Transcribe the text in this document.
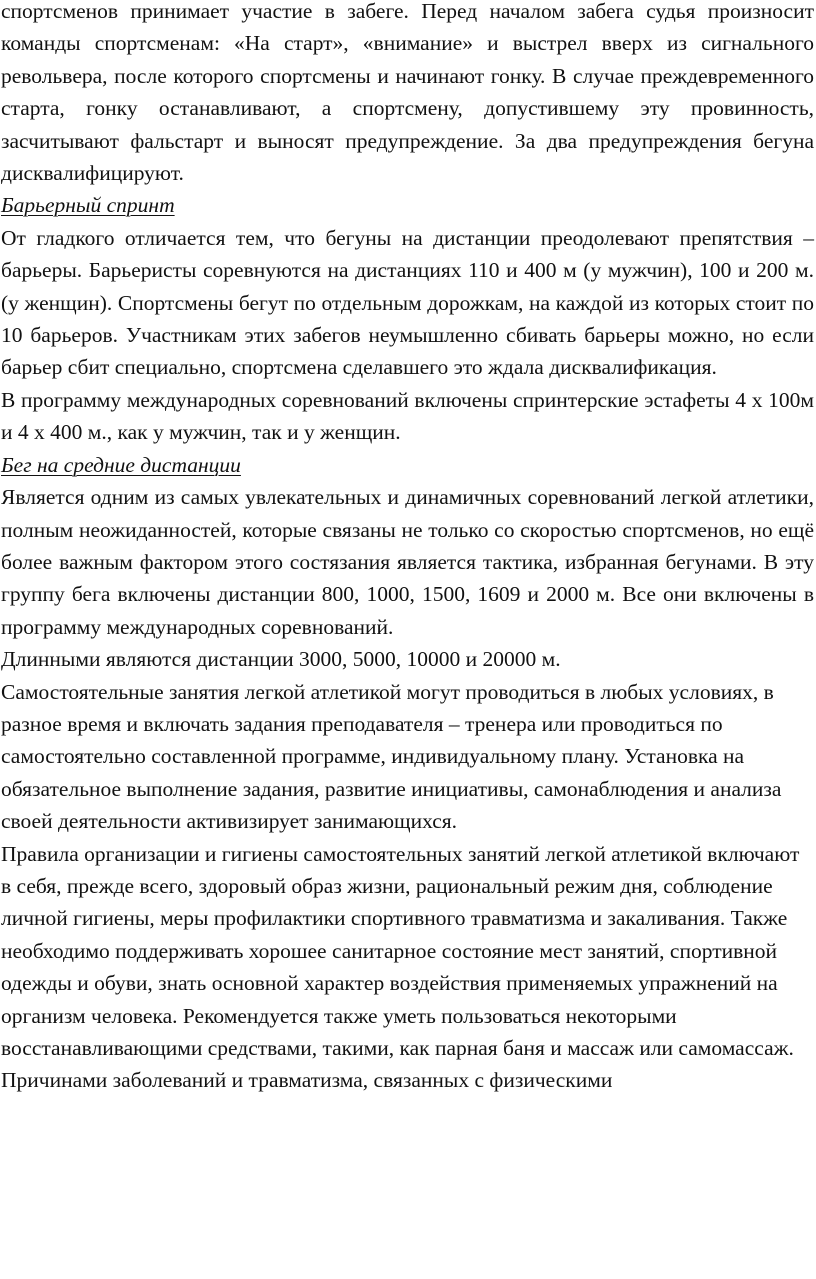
спортсменов принимает участие в забеге. Перед началом забега судья произносит команды спортсменам: «На старт», «внимание» и выстрел вверх из сигнального револьвера, после которого спортсмены и начинают гонку. В случае преждевременного старта, гонку останавливают, а спортсмену, допустившему эту провинность, засчитывают фальстарт и выносят предупреждение. За два предупреждения бегуна дисквалифицируют.

Барьерный спринт

От гладкого отличается тем, что бегуны на дистанции преодолевают препятствия – барьеры. Барьеристы соревнуются на дистанциях 110 и 400 м (у мужчин), 100 и 200 м. (у женщин). Спортсмены бегут по отдельным дорожкам, на каждой из которых стоит по 10 барьеров. Участникам этих забегов неумышленно сбивать барьеры можно, но если барьер сбит специально, спортсмена сделавшего это ждала дисквалификация.

В программу международных соревнований включены спринтерские эстафеты 4 х 100м и 4 х 400 м., как у мужчин, так и у женщин.

Бег на средние дистанции

Является одним из самых увлекательных и динамичных соревнований легкой атлетики, полным неожиданностей, которые связаны не только со скоростью спортсменов, но ещё более важным фактором этого состязания является тактика, избранная бегунами. В эту группу бега включены дистанции 800, 1000, 1500, 1609 и 2000 м. Все они включены в программу международных соревнований.

Длинными являются дистанции 3000, 5000, 10000 и 20000 м.

Самостоятельные занятия легкой атлетикой могут проводиться в любых условиях, в разное время и включать задания преподавателя – тренера или проводиться по самостоятельно составленной программе, индивидуальному плану. Установка на обязательное выполнение задания, развитие инициативы, самонаблюдения и анализа своей деятельности активизирует занимающихся.

Правила организации и гигиены самостоятельных занятий легкой атлетикой включают в себя, прежде всего, здоровый образ жизни, рациональный режим дня, соблюдение личной гигиены, меры профилактики спортивного травматизма и закаливания. Также необходимо поддерживать хорошее санитарное состояние мест занятий, спортивной одежды и обуви, знать основной характер воздействия применяемых упражнений на организм человека. Рекомендуется также уметь пользоваться некоторыми восстанавливающими средствами, такими, как парная баня и массаж или самомассаж.

Причинами заболеваний и травматизма, связанных с физическими
